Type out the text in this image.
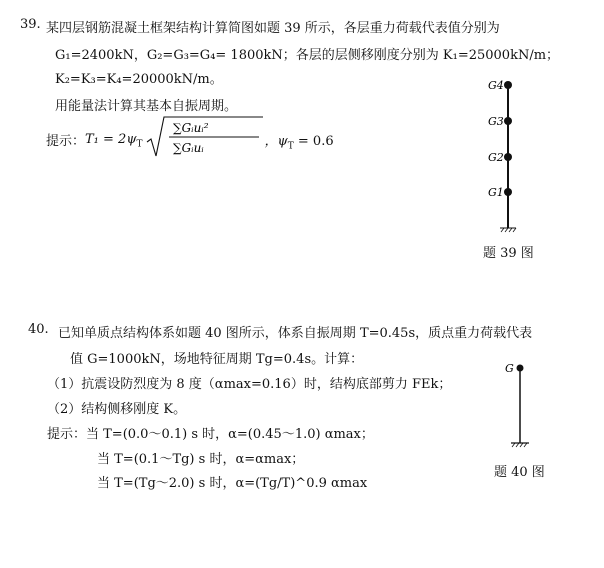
39. 某四层钢筋混凝土框架结构计算简图如题 39 所示，各层重力荷载代表值分别为
G₁=2400kN，G₂=G₃=G₄= 1800kN；各层的层侧移刚度分别为 K₁=25000kN/m；
K₂=K₃=K₄=20000kN/m。
用能量法计算其基本自振周期。
提示： $T_1 = 2\psi_T$
∑Gᵢuᵢ²
∑Gᵢuᵢ	，$\psi_T = 0.6$
G4
G3
G2
G1
题 39 图
40. 已知单质点结构体系如题 40 图所示，体系自振周期 T=0.45s，质点重力荷载代表
值 G=1000kN，场地特征周期 Tg=0.4s。计算：
（1）抗震设防烈度为 8 度（αmax=0.16）时，结构底部剪力 FEk；
（2）结构侧移刚度 K。
提示：当 T=(0.0～0.1) s 时，α=(0.45～1.0) αmax；
当 T=(0.1～Tg) s 时，α=αmax；
当 T=(Tg～2.0) s 时，α=(Tg/T)^0.9 αmax
G
题 40 图
